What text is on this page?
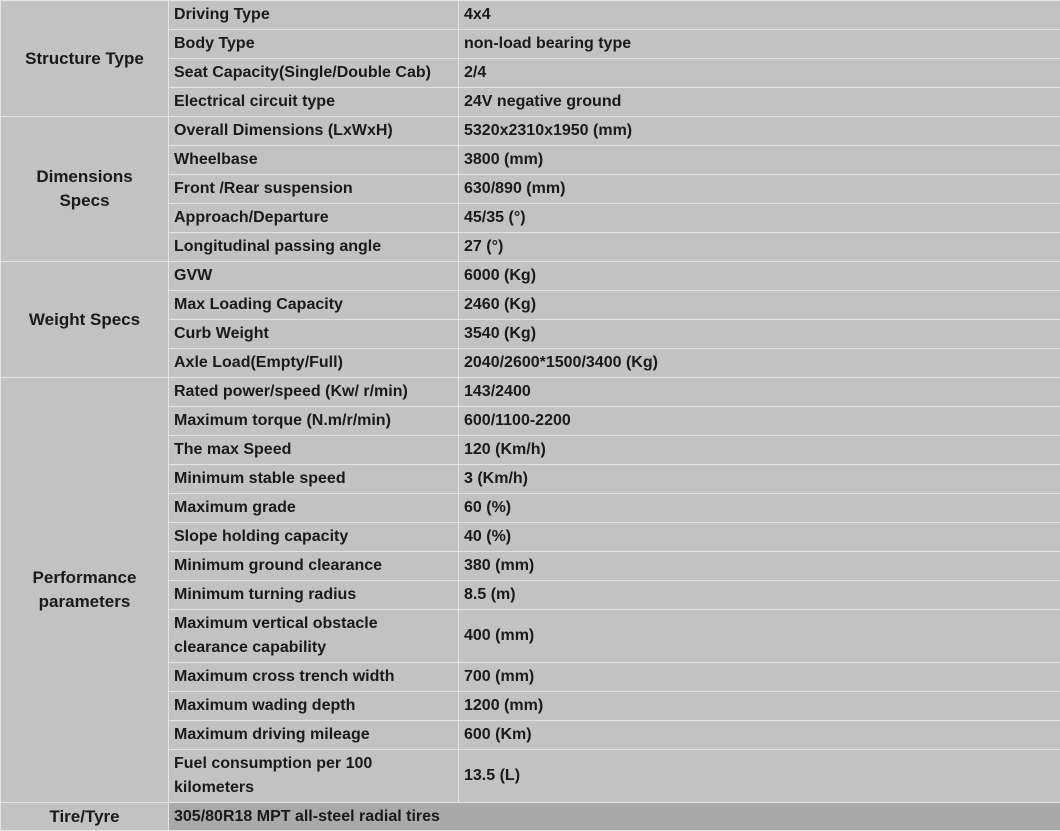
Structure Type	Driving Type	4x4
	Body Type	non-load bearing type
	Seat Capacity(Single/Double Cab)	2/4
	Electrical circuit type	24V negative ground
Dimensions Specs	Overall Dimensions (LxWxH)	5320x2310x1950 (mm)
	Wheelbase	3800 (mm)
	Front /Rear suspension	630/890 (mm)
	Approach/Departure	45/35 (°)
	Longitudinal passing angle	27 (°)
Weight Specs	GVW	6000 (Kg)
	Max Loading Capacity	2460 (Kg)
	Curb Weight	3540 (Kg)
	Axle Load(Empty/Full)	2040/2600*1500/3400 (Kg)
Performance parameters	Rated power/speed (Kw/ r/min)	143/2400
	Maximum torque (N.m/r/min)	600/1100-2200
	The max Speed	120 (Km/h)
	Minimum stable speed	3 (Km/h)
	Maximum grade	60 (%)
	Slope holding capacity	40 (%)
	Minimum ground clearance	380 (mm)
	Minimum turning radius	8.5 (m)
	Maximum vertical obstacle clearance capability	400 (mm)
	Maximum cross trench width	700 (mm)
	Maximum wading depth	1200 (mm)
	Maximum driving mileage	600 (Km)
	Fuel consumption per 100 kilometers	13.5 (L)
Tire/Tyre	305/80R18 MPT all-steel radial tires	
